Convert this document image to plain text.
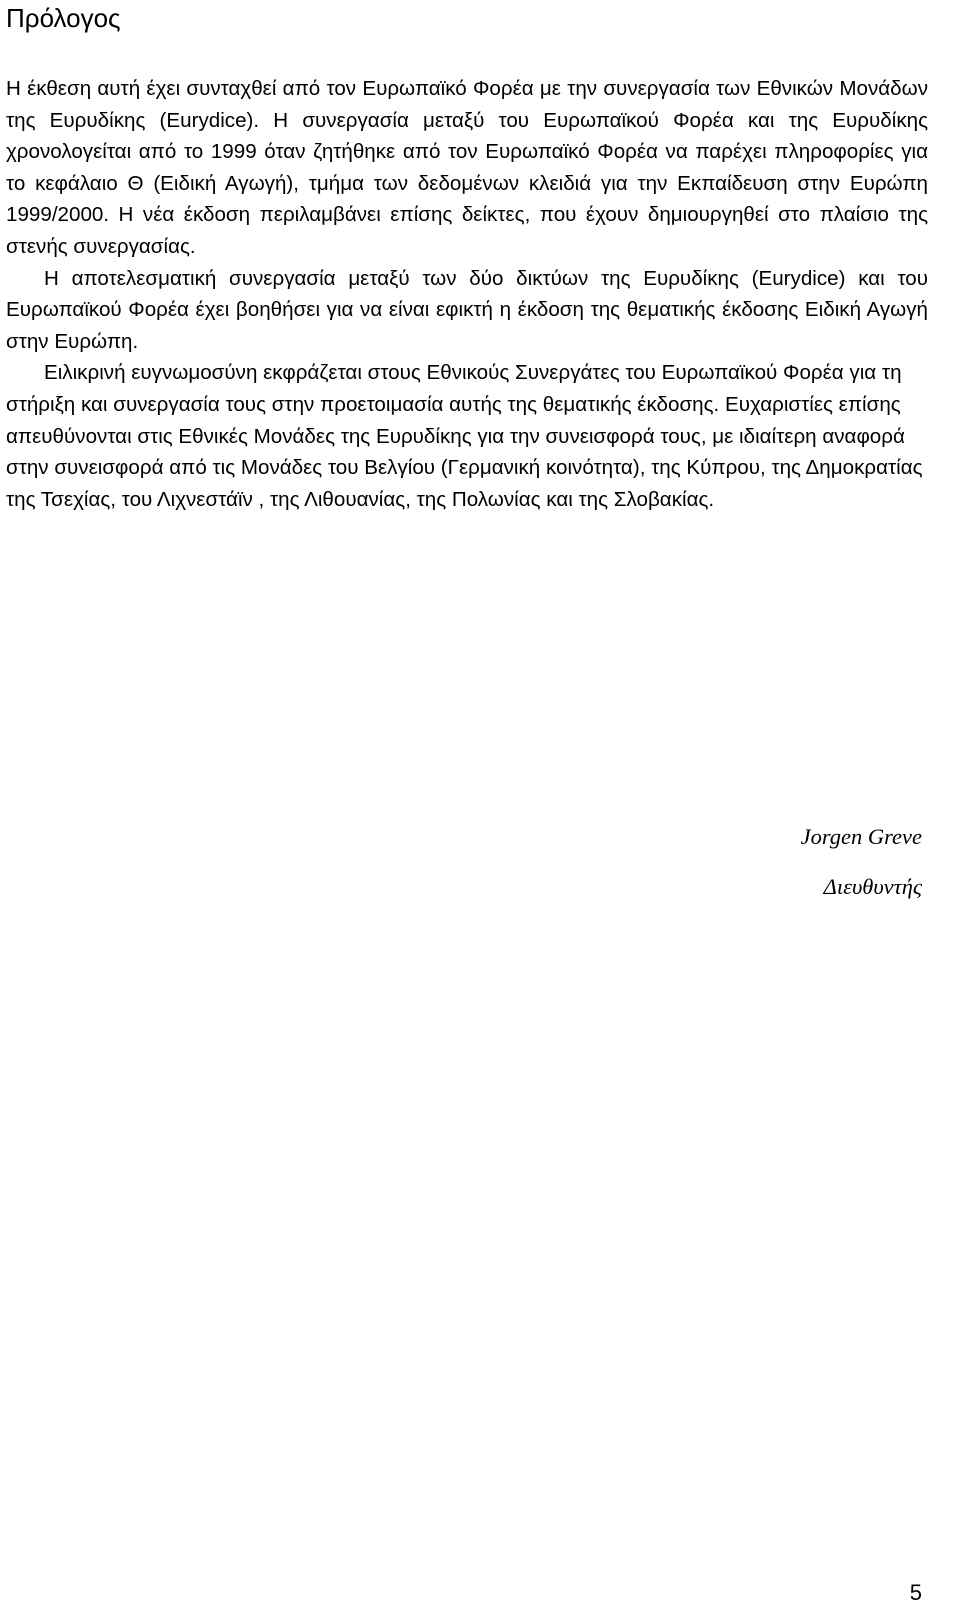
Πρόλογος

Η έκθεση αυτή έχει συνταχθεί από τον Ευρωπαϊκό Φορέα με την συνεργασία των Εθνικών Μονάδων της Ευρυδίκης (Eurydice). Η συνεργασία μεταξύ του Ευρωπαϊκού Φορέα και της Ευρυδίκης χρονολογείται από το 1999 όταν ζητήθηκε από τον Ευρωπαϊκό Φορέα να παρέχει πληροφορίες για το κεφάλαιο Θ (Ειδική Αγωγή), τμήμα των δεδομένων κλειδιά για την Εκπαίδευση στην Ευρώπη 1999/2000. Η νέα έκδοση περιλαμβάνει επίσης δείκτες, που έχουν δημιουργηθεί στο πλαίσιο της στενής συνεργασίας.

Η αποτελεσματική συνεργασία μεταξύ των δύο δικτύων της Ευρυδίκης (Eurydice) και του Ευρωπαϊκού Φορέα έχει βοηθήσει για να είναι εφικτή η έκδοση της θεματικής έκδοσης Ειδική Αγωγή στην Ευρώπη.

Ειλικρινή ευγνωμοσύνη εκφράζεται στους Εθνικούς Συνεργάτες του Ευρωπαϊκού Φορέα για τη στήριξη και συνεργασία τους στην προετοιμασία αυτής της θεματικής έκδοσης. Ευχαριστίες επίσης απευθύνονται στις Εθνικές Μονάδες της Ευρυδίκης για την συνεισφορά τους, με ιδιαίτερη αναφορά στην συνεισφορά από τις Μονάδες του Βελγίου (Γερμανική κοινότητα), της Κύπρου, της Δημοκρατίας της Τσεχίας, του Λιχνεστάϊν , της Λιθουανίας, της Πολωνίας και της Σλοβακίας.

Jorgen Greve
Διευθυντής
5
